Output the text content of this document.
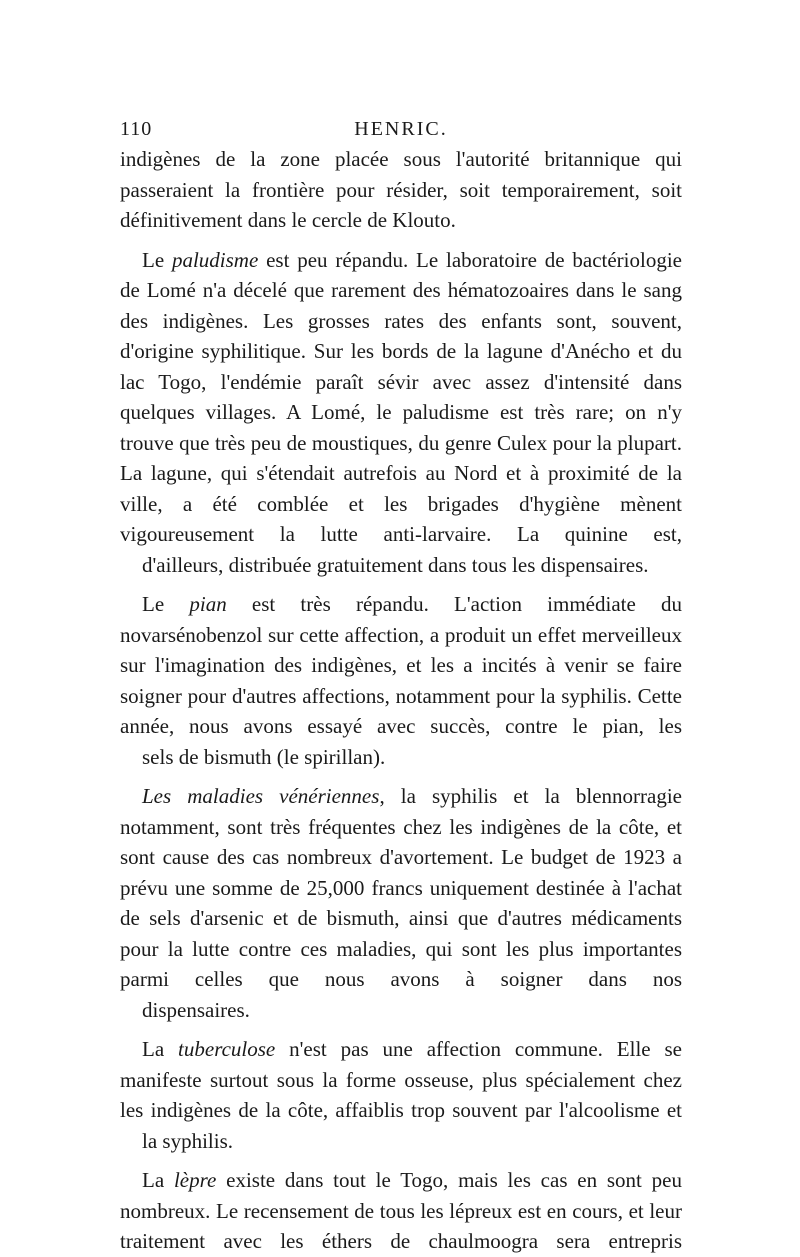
110	HENRIC.

indigènes de la zone placée sous l'autorité britannique qui passeraient la frontière pour résider, soit temporairement, soit
définitivement dans le cercle de Klouto.

Le paludisme est peu répandu. Le laboratoire de bactériologie de Lomé n'a décelé que rarement des hématozoaires dans le sang des indigènes. Les grosses rates des enfants sont, souvent, d'origine syphilitique. Sur les bords de la lagune d'Anécho et du lac Togo, l'endémie paraît sévir avec assez d'intensité dans quelques villages. A Lomé, le paludisme est très rare; on n'y trouve que très peu de moustiques, du genre Culex pour la plupart. La lagune, qui s'étendait autrefois au Nord et à proximité de la ville, a été comblée et les brigades d'hygiène mènent vigoureusement la lutte anti-larvaire. La quinine est,
d'ailleurs, distribuée gratuitement dans tous les dispensaires.

Le pian est très répandu. L'action immédiate du novarsénobenzol sur cette affection, a produit un effet merveilleux sur l'imagination des indigènes, et les a incités à venir se faire soigner pour d'autres affections, notamment pour la syphilis. Cette année, nous avons essayé avec succès, contre le pian, les
sels de bismuth (le spirillan).

Les maladies vénériennes, la syphilis et la blennorragie notamment, sont très fréquentes chez les indigènes de la côte, et sont cause des cas nombreux d'avortement. Le budget de 1923 a prévu une somme de 25,000 francs uniquement destinée à l'achat de sels d'arsenic et de bismuth, ainsi que d'autres médicaments pour la lutte contre ces maladies, qui sont les plus importantes parmi celles que nous avons à soigner dans nos
dispensaires.

La tuberculose n'est pas une affection commune. Elle se manifeste surtout sous la forme osseuse, plus spécialement chez les indigènes de la côte, affaiblis trop souvent par l'alcoolisme et
la syphilis.

La lèpre existe dans tout le Togo, mais les cas en sont peu nombreux. Le recensement de tous les lépreux est en cours, et leur traitement avec les éthers de chaulmoogra sera entrepris
